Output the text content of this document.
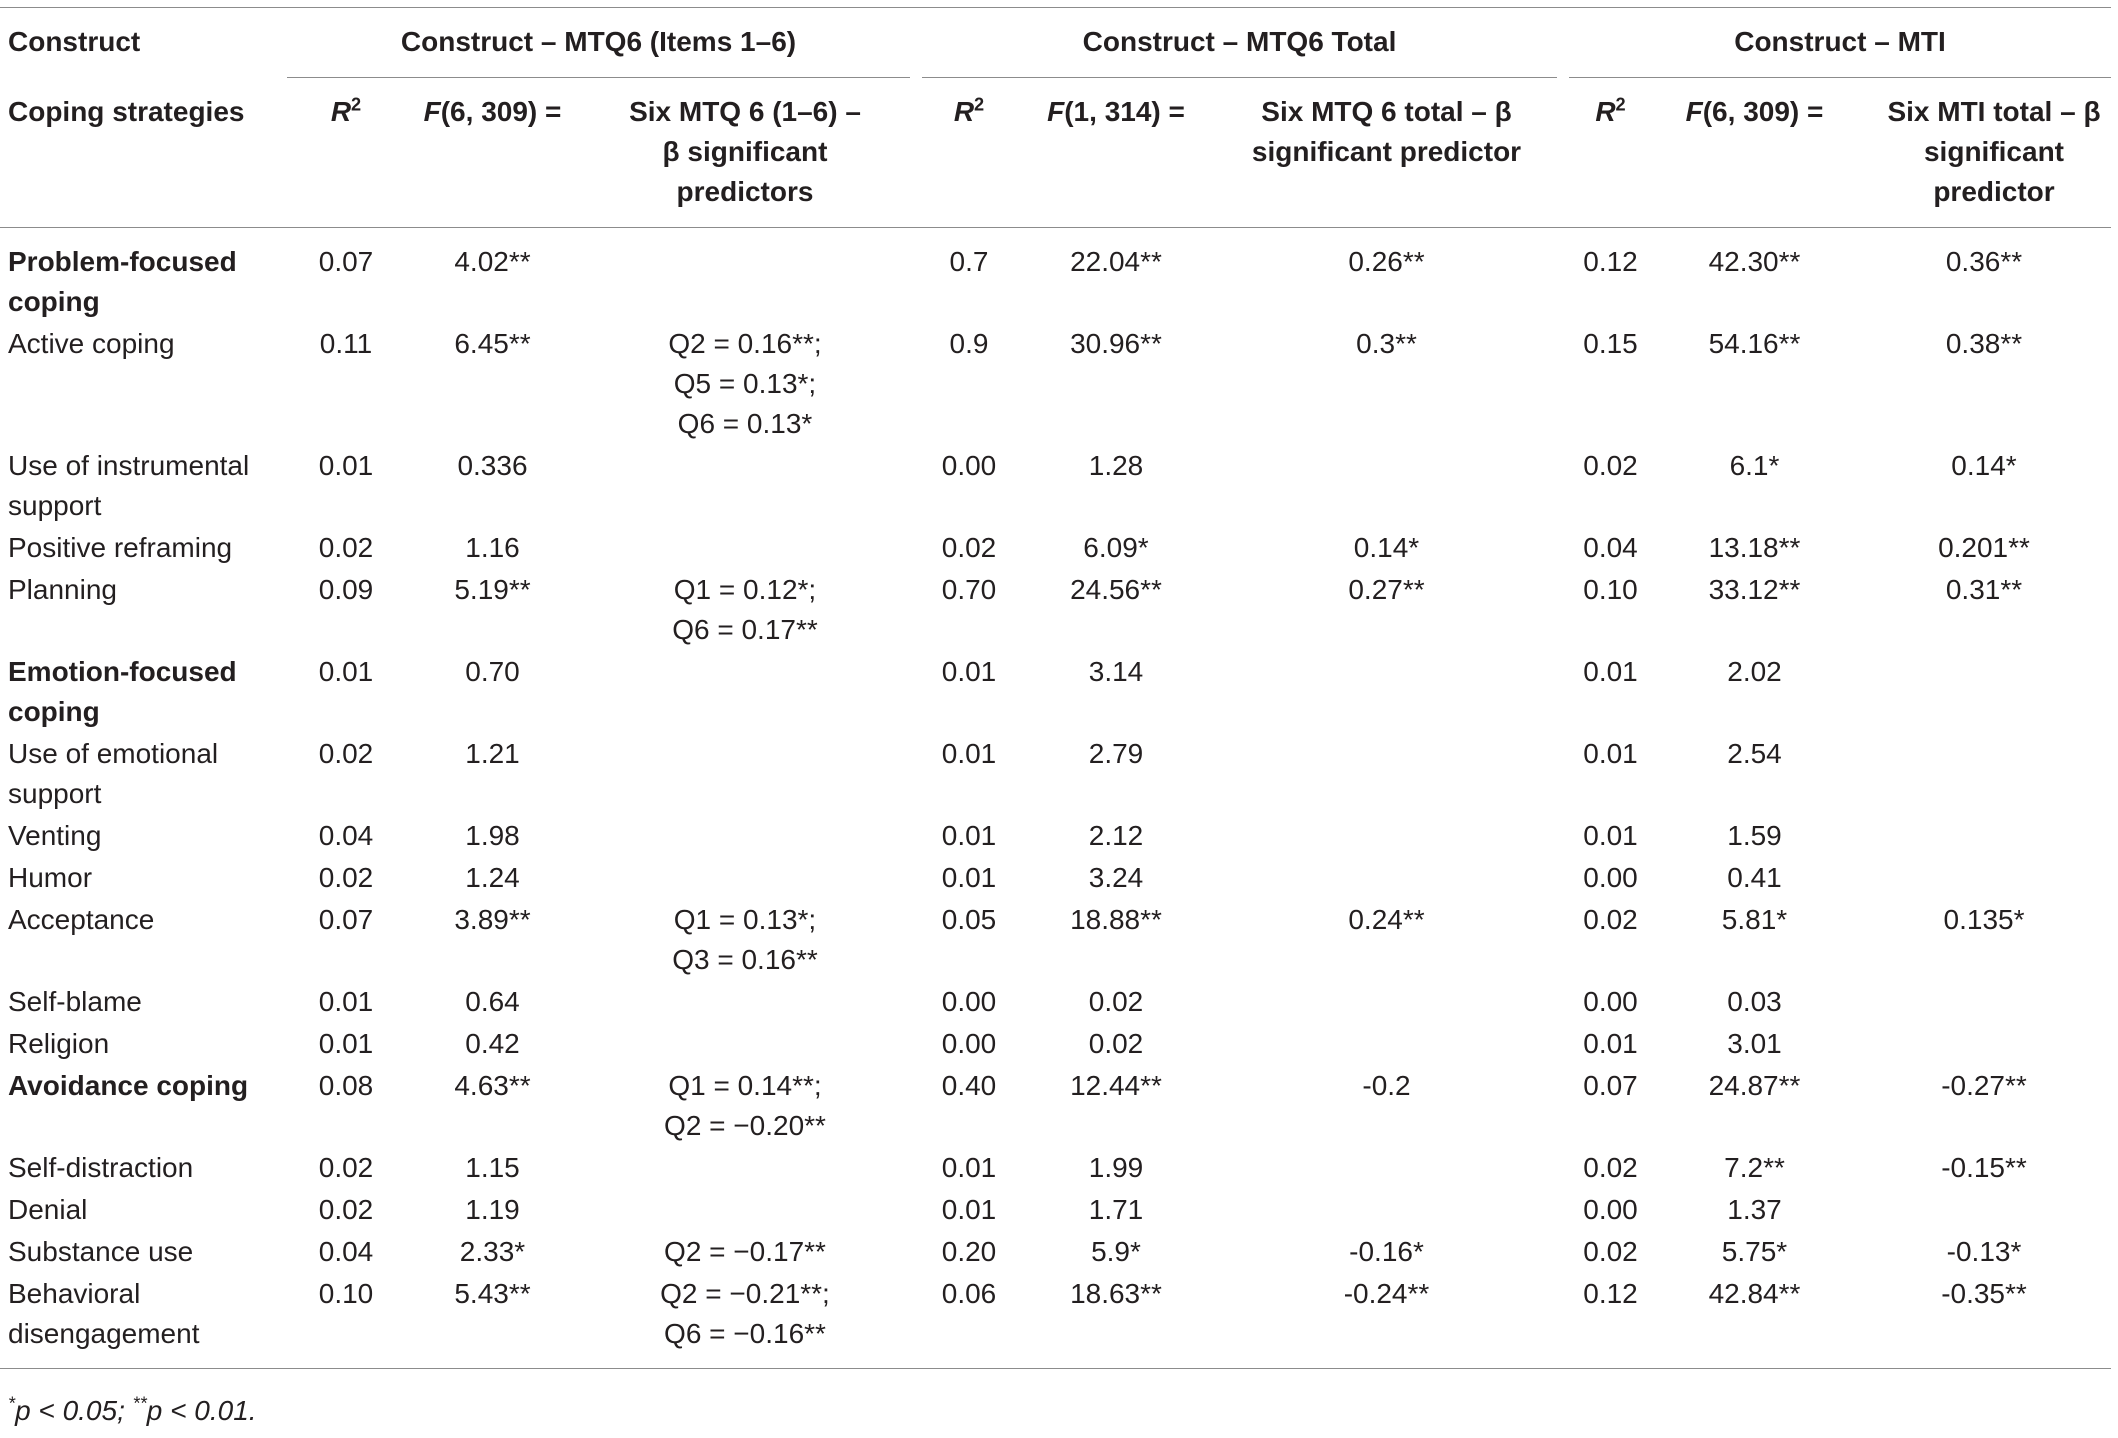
Construct	Construct – MTQ6 (Items 1–6)				Construct – MTQ6 Total				Construct – MTI		
Coping strategies	$R^2$	F(6, 309) =	Six MTQ 6 (1–6) – β significant predictors		$R^2$	F(1, 314) =	Six MTQ 6 total – β significant predictor		$R^2$	F(6, 309) =	Six MTI total – β significant predictor
Problem-focused coping	0.07	4.02**			0.7	22.04**	0.26**		0.12	42.30**	0.36**
Active coping	0.11	6.45**	Q2 = 0.16**;
Q5 = 0.13*;
Q6 = 0.13*		0.9	30.96**	0.3**		0.15	54.16**	0.38**
Use of instrumental support	0.01	0.336			0.00	1.28			0.02	6.1*	0.14*
Positive reframing	0.02	1.16			0.02	6.09*	0.14*		0.04	13.18**	0.201**
Planning	0.09	5.19**	Q1 = 0.12*;
Q6 = 0.17**		0.70	24.56**	0.27**		0.10	33.12**	0.31**
Emotion-focused coping	0.01	0.70			0.01	3.14			0.01	2.02	
Use of emotional support	0.02	1.21			0.01	2.79			0.01	2.54	
Venting	0.04	1.98			0.01	2.12			0.01	1.59	
Humor	0.02	1.24			0.01	3.24			0.00	0.41	
Acceptance	0.07	3.89**	Q1 = 0.13*;
Q3 = 0.16**		0.05	18.88**	0.24**		0.02	5.81*	0.135*
Self-blame	0.01	0.64			0.00	0.02			0.00	0.03	
Religion	0.01	0.42			0.00	0.02			0.01	3.01	
Avoidance coping	0.08	4.63**	Q1 = 0.14**;
Q2 = −0.20**		0.40	12.44**	-0.2		0.07	24.87**	-0.27**
Self-distraction	0.02	1.15			0.01	1.99			0.02	7.2**	-0.15**
Denial	0.02	1.19			0.01	1.71			0.00	1.37	
Substance use	0.04	2.33*	Q2 = −0.17**		0.20	5.9*	-0.16*		0.02	5.75*	-0.13*
Behavioral disengagement	0.10	5.43**	Q2 = −0.21**;
Q6 = −0.16**		0.06	18.63**	-0.24**		0.12	42.84**	-0.35**
*p < 0.05; **p < 0.01.
